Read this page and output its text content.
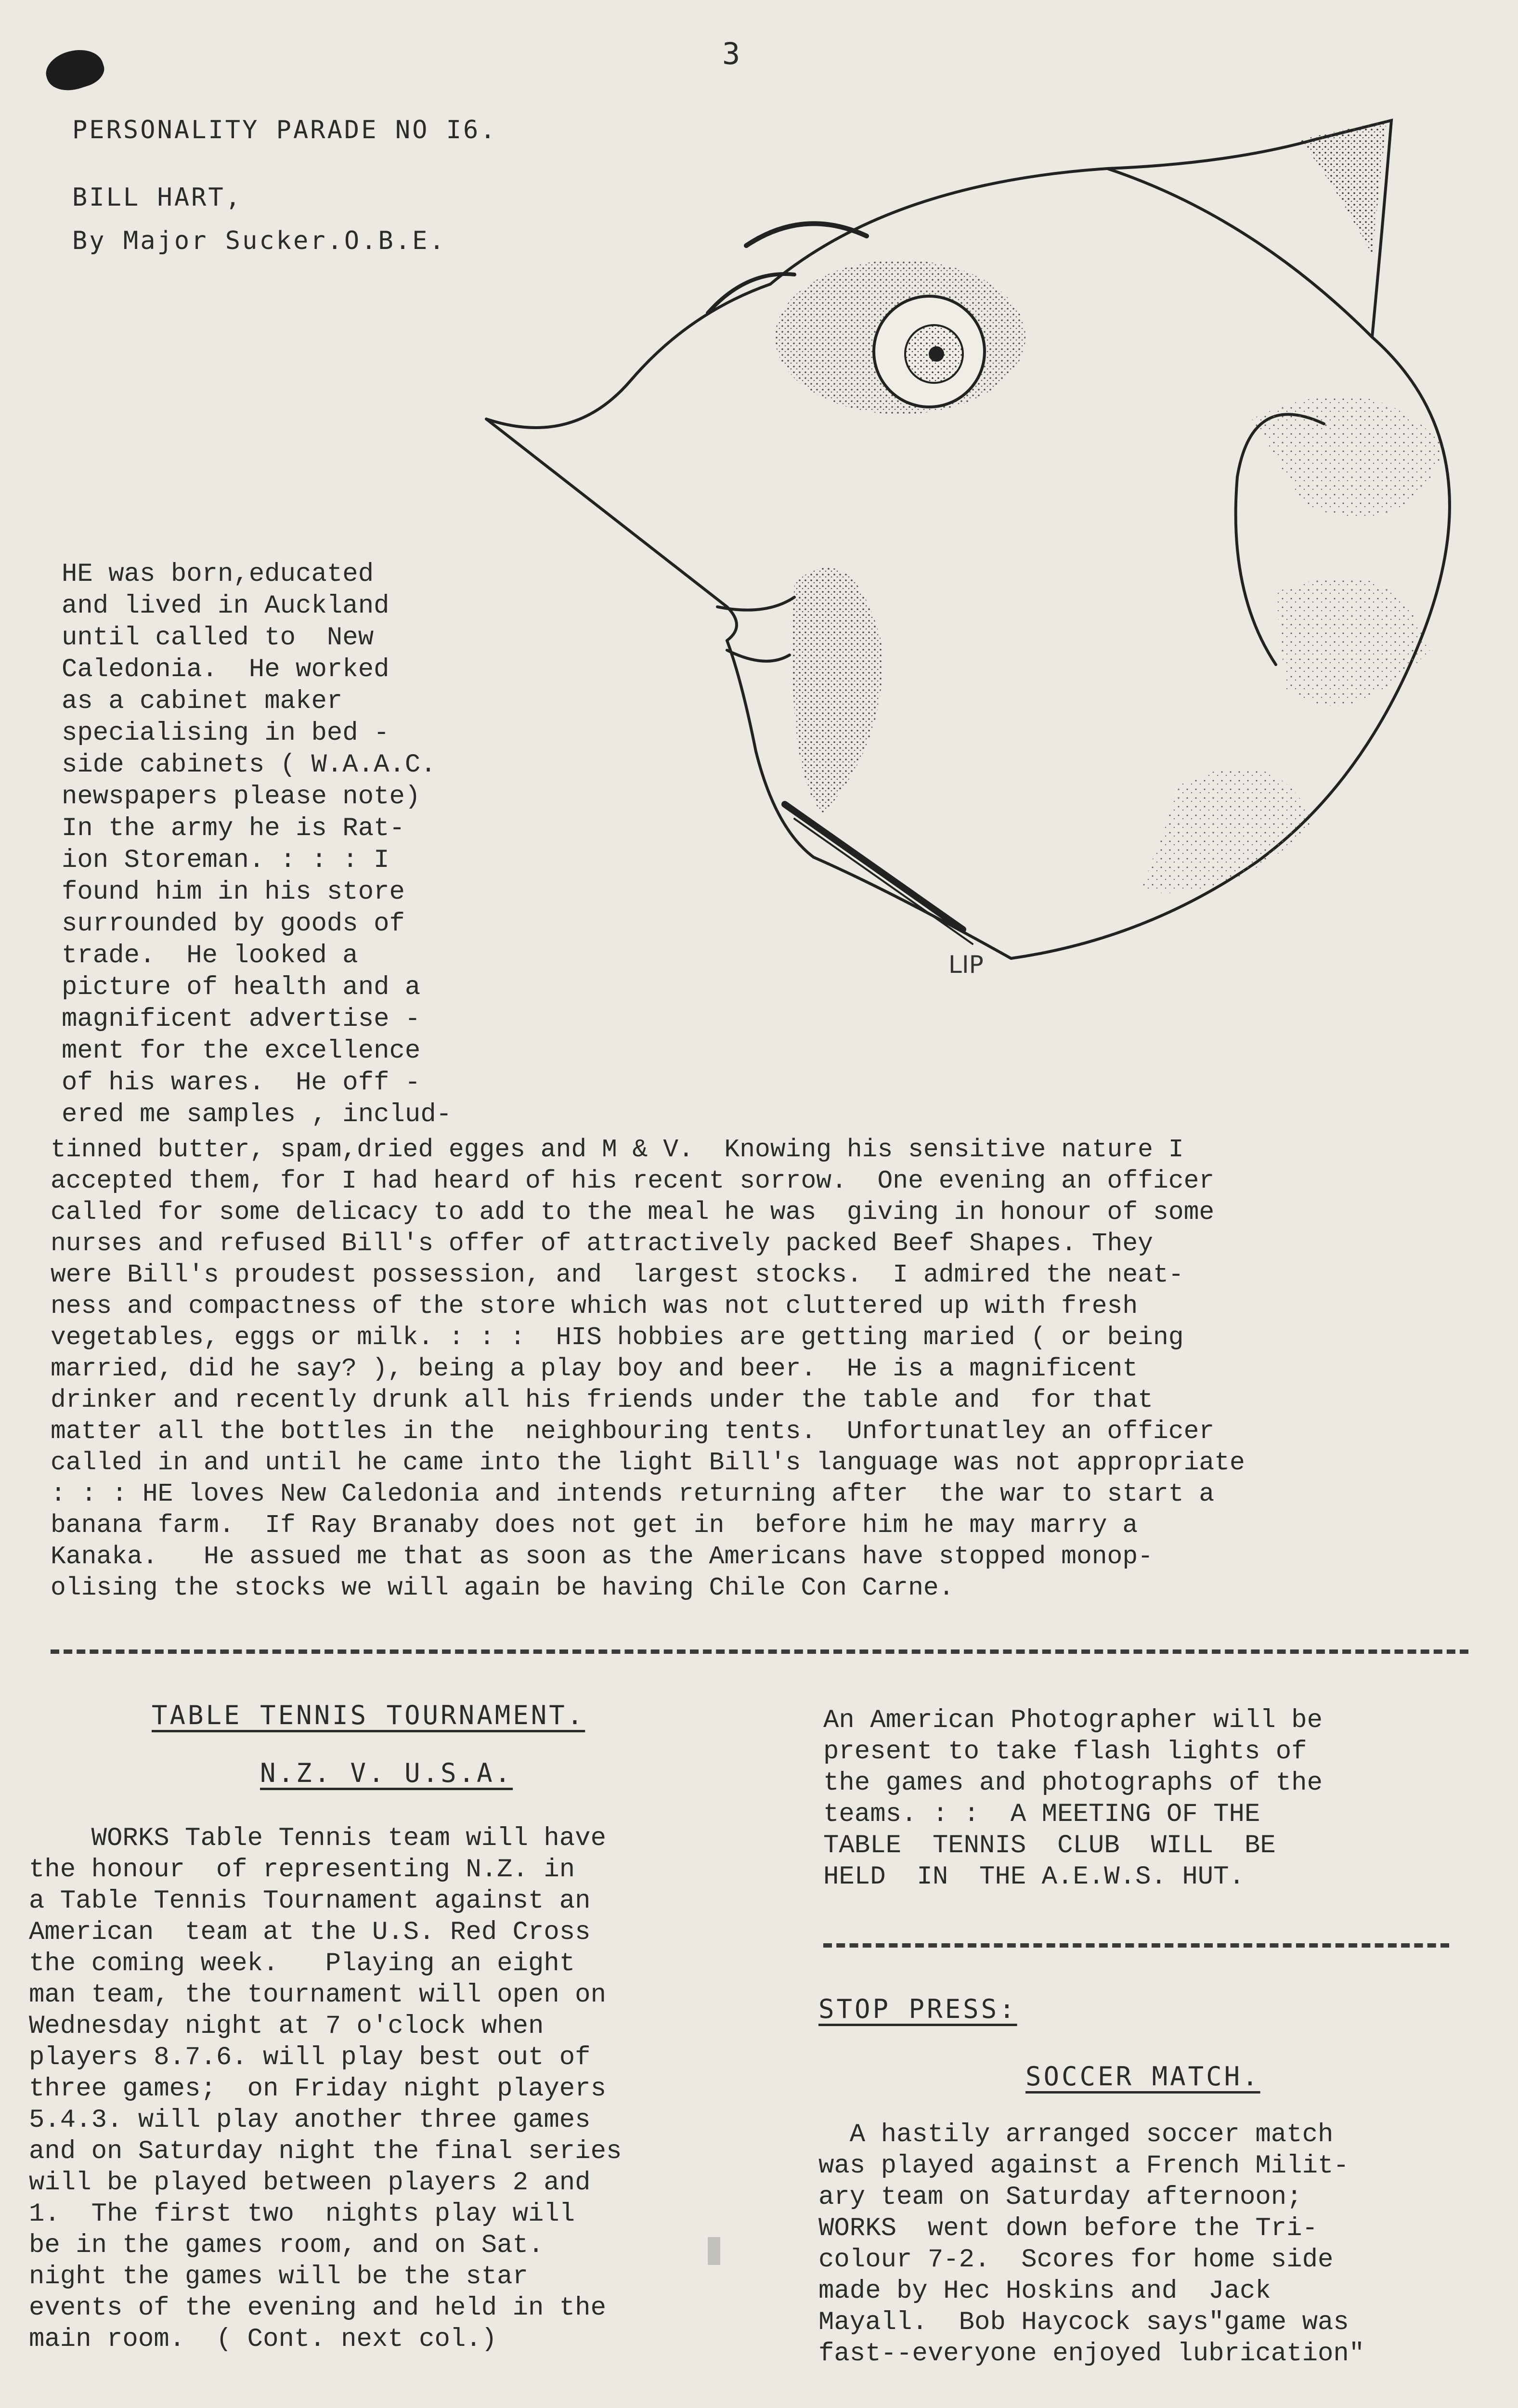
3
PERSONALITY PARADE NO I6.
BILL HART,
By Major Sucker.O.B.E.
LIP
HE was born,educated
and lived in Auckland
until called to  New
Caledonia.  He worked
as a cabinet maker
specialising in bed -
side cabinets ( W.A.A.C.
newspapers please note)
In the army he is Rat-
ion Storeman. : : : I
found him in his store
surrounded by goods of
trade.  He looked a
picture of health and a
magnificent advertise -
ment for the excellence
of his wares.  He off -
ered me samples , includ-
tinned butter, spam,dried egges and M & V.  Knowing his sensitive nature I
accepted them, for I had heard of his recent sorrow.  One evening an officer
called for some delicacy to add to the meal he was  giving in honour of some
nurses and refused Bill's offer of attractively packed Beef Shapes. They
were Bill's proudest possession, and  largest stocks.  I admired the neat-
ness and compactness of the store which was not cluttered up with fresh
vegetables, eggs or milk. : : :  HIS hobbies are getting maried ( or being
married, did he say? ), being a play boy and beer.  He is a magnificent
drinker and recently drunk all his friends under the table and  for that
matter all the bottles in the  neighbouring tents.  Unfortunatley an officer
called in and until he came into the light Bill's language was not appropriate
: : : HE loves New Caledonia and intends returning after  the war to start a
banana farm.  If Ray Branaby does not get in  before him he may marry a
Kanaka.   He assued me that as soon as the Americans have stopped monop-
olising the stocks we will again be having Chile Con Carne.
TABLE TENNIS TOURNAMENT.
N.Z. V. U.S.A.
WORKS Table Tennis team will have
the honour  of representing N.Z. in
a Table Tennis Tournament against an
American  team at the U.S. Red Cross
the coming week.   Playing an eight
man team, the tournament will open on
Wednesday night at 7 o'clock when
players 8.7.6. will play best out of
three games;  on Friday night players
5.4.3. will play another three games
and on Saturday night the final series
will be played between players 2 and
1.  The first two  nights play will
be in the games room, and on Sat.
night the games will be the star
events of the evening and held in the
main room.  ( Cont. next col.)
An American Photographer will be
present to take flash lights of
the games and photographs of the
teams. : :  A MEETING OF THE
TABLE  TENNIS  CLUB  WILL  BE
HELD  IN  THE A.E.W.S. HUT.
STOP PRESS:
SOCCER MATCH.
A hastily arranged soccer match
was played against a French Milit-
ary team on Saturday afternoon;
WORKS  went down before the Tri-
colour 7-2.  Scores for home side
made by Hec Hoskins and  Jack
Mayall.  Bob Haycock says"game was
fast--everyone enjoyed lubrication"
